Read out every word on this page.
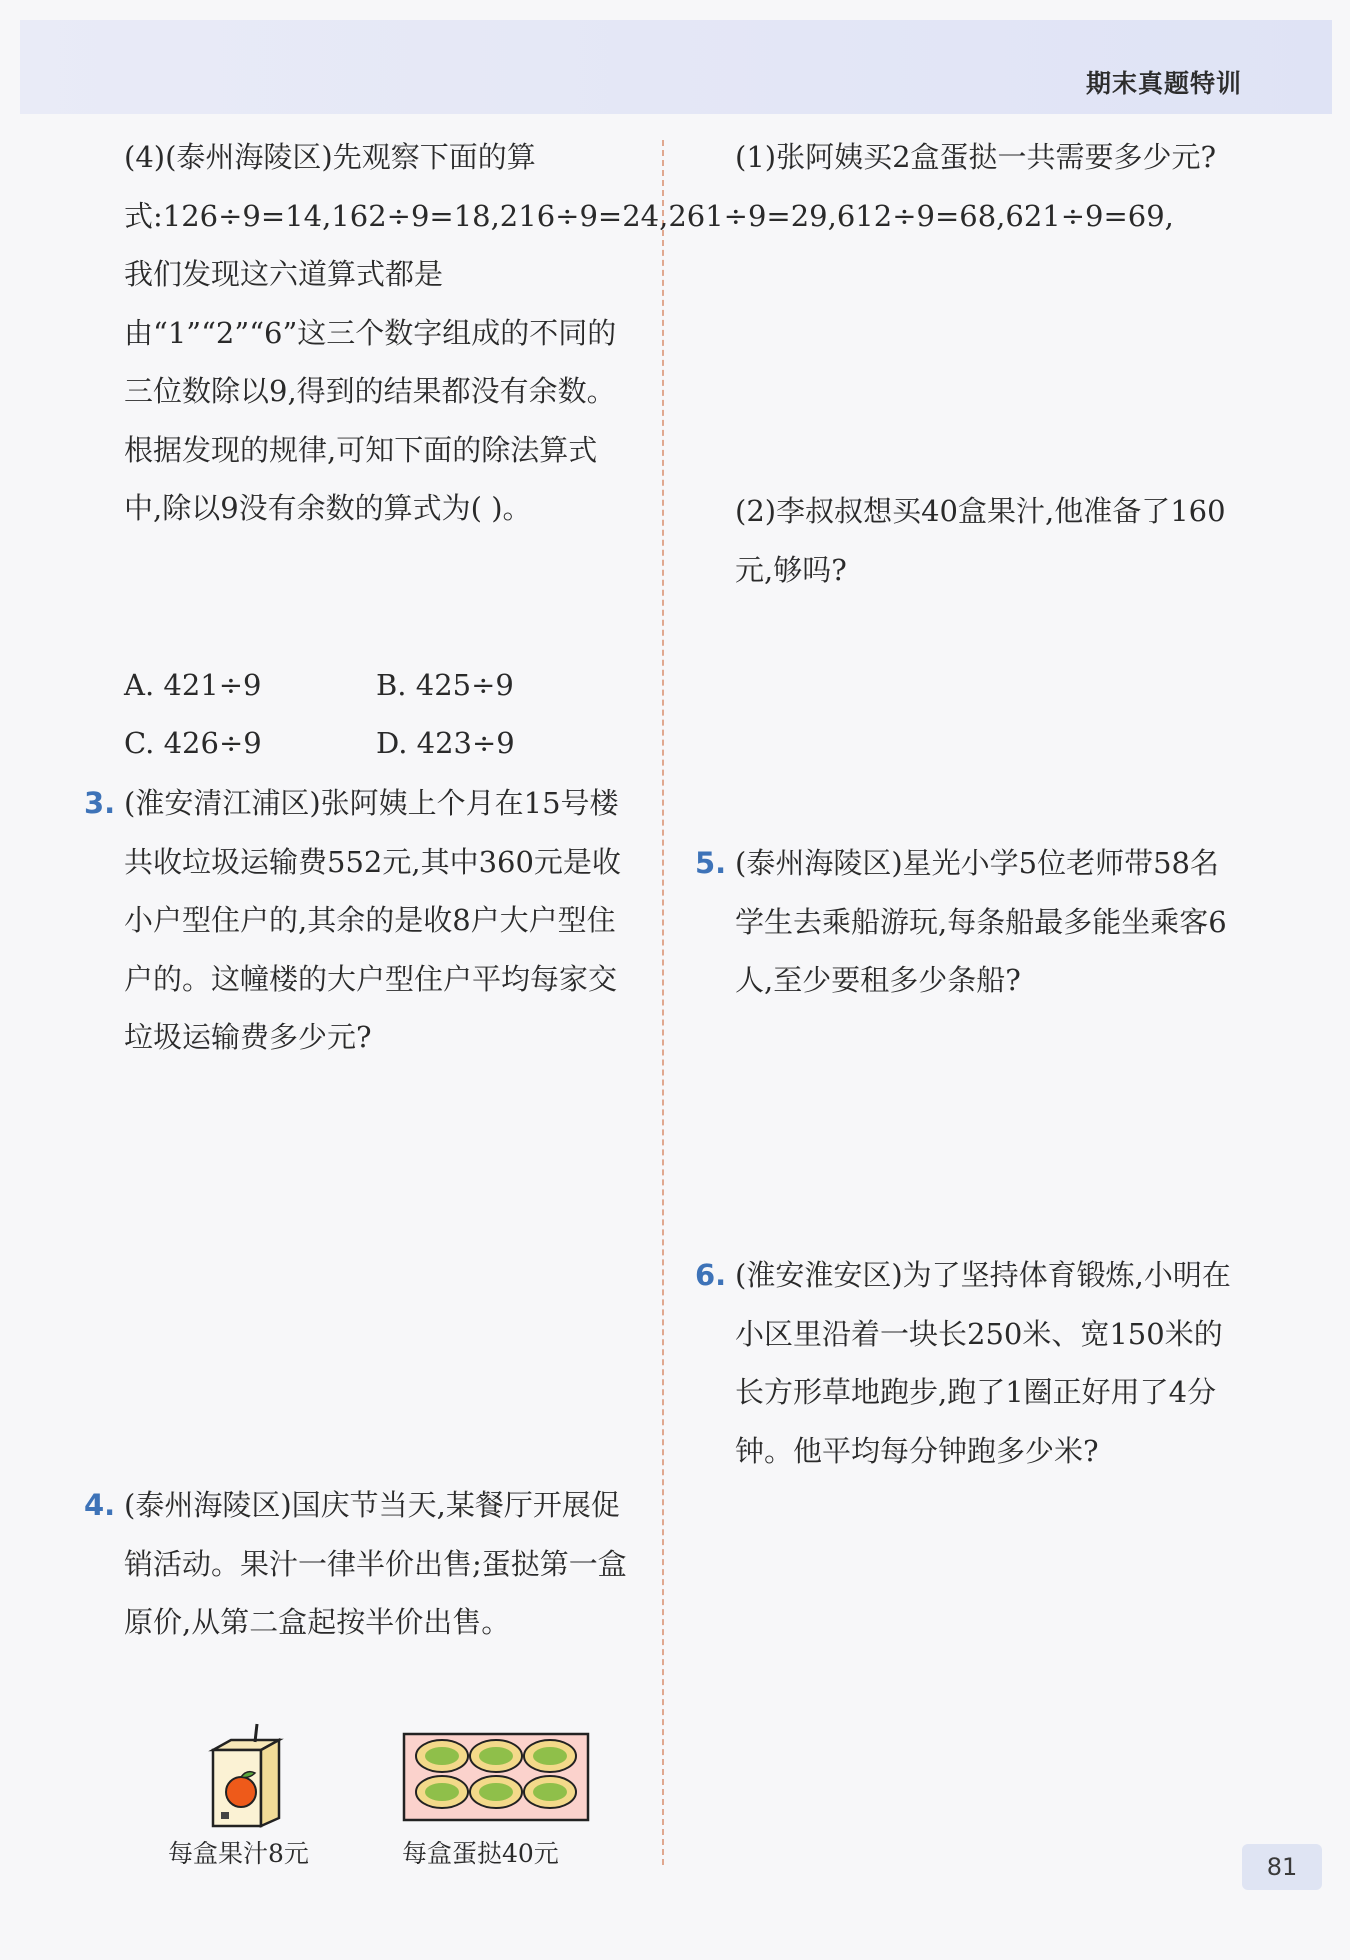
期末真题特训
(4)(泰州海陵区)先观察下面的算式:126÷9=14,162÷9=18,216÷9=24,261÷9=29,612÷9=68,621÷9=69,我们发现这六道算式都是由“1”“2”“6”这三个数字组成的不同的三位数除以9,得到的结果都没有余数。根据发现的规律,可知下面的除法算式中,除以9没有余数的算式为( )。
A. 421÷9	B. 425÷9
C. 426÷9	D. 423÷9
3. (淮安清江浦区)张阿姨上个月在15号楼共收垃圾运输费552元,其中360元是收小户型住户的,其余的是收8户大户型住户的。这幢楼的大户型住户平均每家交垃圾运输费多少元?
4. (泰州海陵区)国庆节当天,某餐厅开展促销活动。果汁一律半价出售;蛋挞第一盒原价,从第二盒起按半价出售。
每盒果汁8元	每盒蛋挞40元
(1)张阿姨买2盒蛋挞一共需要多少元?
(2)李叔叔想买40盒果汁,他准备了160元,够吗?
5. (泰州海陵区)星光小学5位老师带58名学生去乘船游玩,每条船最多能坐乘客6人,至少要租多少条船?
6. (淮安淮安区)为了坚持体育锻炼,小明在小区里沿着一块长250米、宽150米的长方形草地跑步,跑了1圈正好用了4分钟。他平均每分钟跑多少米?
81
